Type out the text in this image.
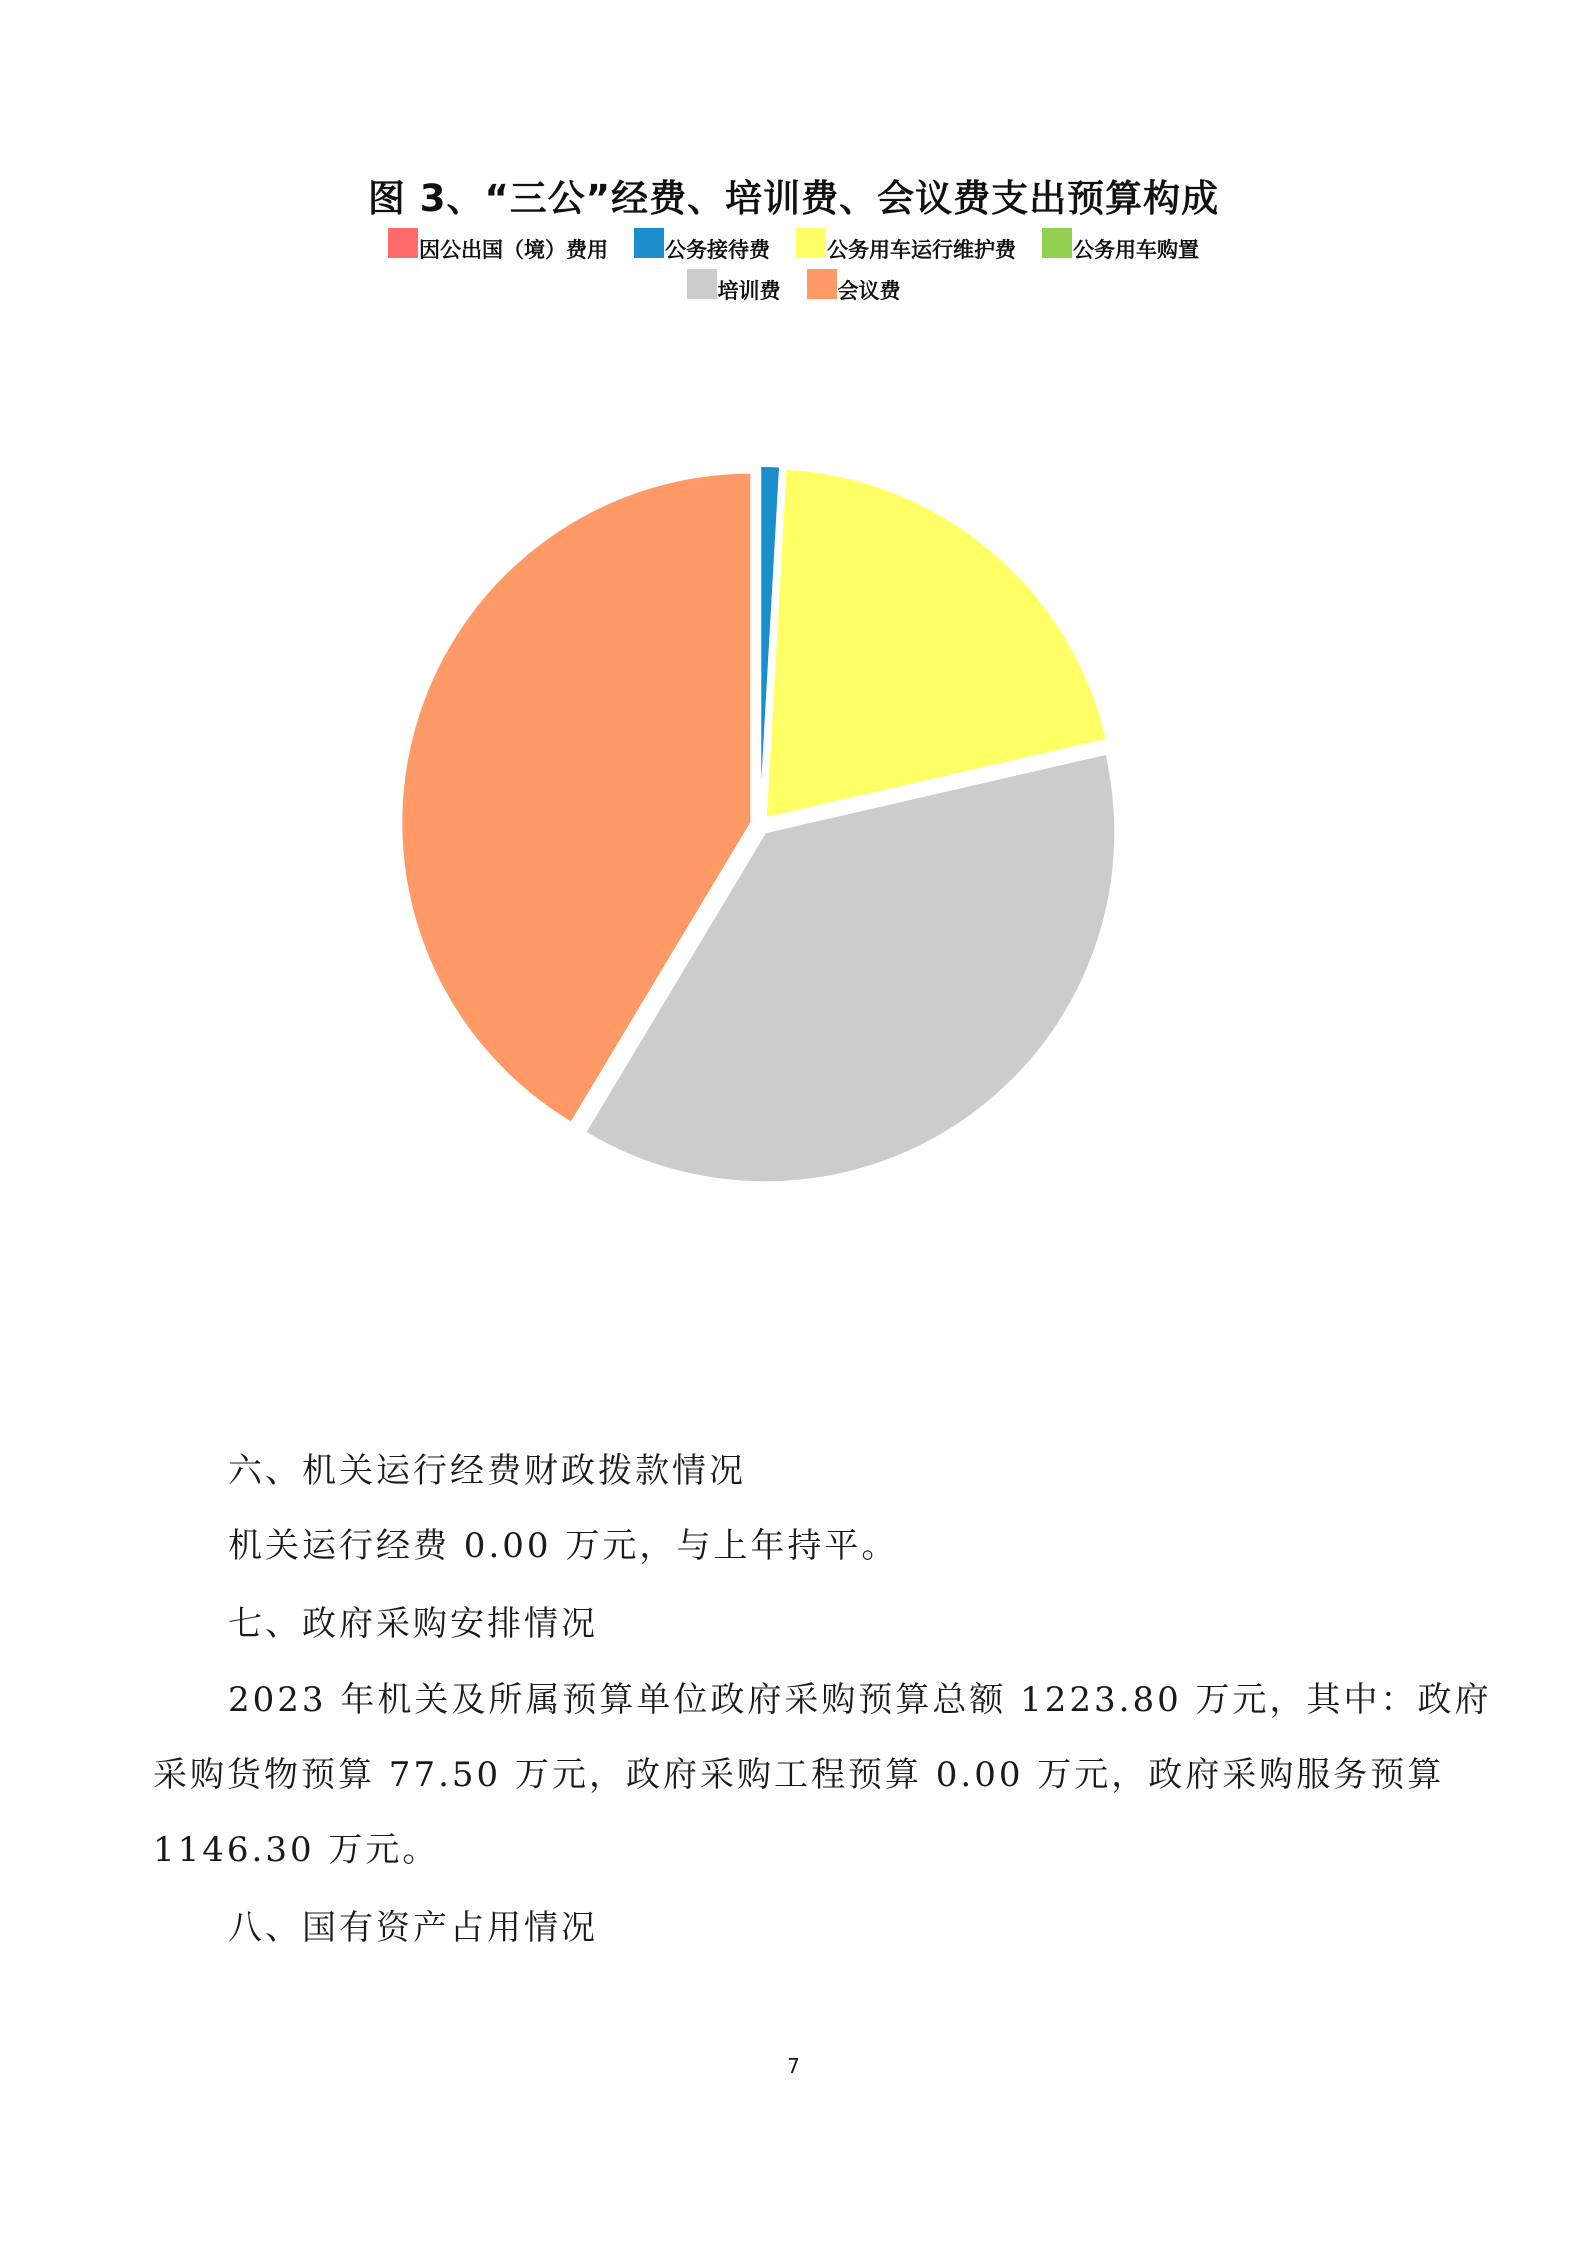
图 3、“三公”经费、培训费、会议费支出预算构成
因公出国（境）费用	公务接待费	公务用车运行维护费	公务用车购置
培训费	会议费
六、机关运行经费财政拨款情况
机关运行经费 0.00 万元，与上年持平。
七、政府采购安排情况
2023 年机关及所属预算单位政府采购预算总额 1223.80 万元，其中：政府
采购货物预算 77.50 万元，政府采购工程预算 0.00 万元，政府采购服务预算
1146.30 万元。
八、国有资产占用情况
7
